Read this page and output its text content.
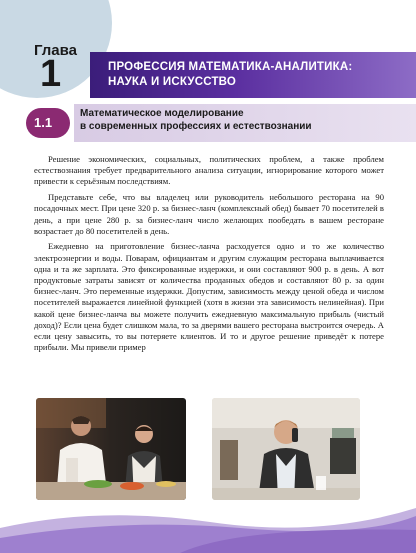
Глава
1	ПРОФЕССИЯ МАТЕМАТИКА-АНАЛИТИКА:
НАУКА И ИСКУССТВО
1.1
Математическое моделирование
в современных профессиях и естествознании

Решение экономических, социальных, политических проблем, а также проблем естествознания требует предварительного анализа ситуации, игнорирование которого может привести к серьёзным последствиям.

Представьте себе, что вы владелец или руководитель небольшого ресторана на 90 посадочных мест. При цене 320 р. за бизнес-ланч (комплексный обед) бывает 70 посетителей в день, а при цене 280 р. за бизнес-ланч число желающих пообедать в вашем ресторане возрастает до 80 посетителей в день.

Ежедневно на приготовление бизнес-ланча расходуется одно и то же количество электроэнергии и воды. Поварам, официантам и другим служащим ресторана выплачивается одна и та же зарплата. Это фиксированные издержки, и они составляют 900 р. в день. А вот продуктовые затраты зависят от количества проданных обедов и составляют 80 р. за один бизнес-ланч. Это переменные издержки. Допустим, зависимость между ценой обеда и числом посетителей выражается линейной функцией (хотя в жизни эта зависимость нелинейная). При какой цене бизнес-ланча вы можете получить ежедневную максимальную прибыль (чистый доход)? Если цена будет слишком мала, то за дверями вашего ресторана выстроится очередь. А если цену завысить, то вы потеряете клиентов. И то и другое решение приведёт к потере прибыли. Мы привели пример

5
